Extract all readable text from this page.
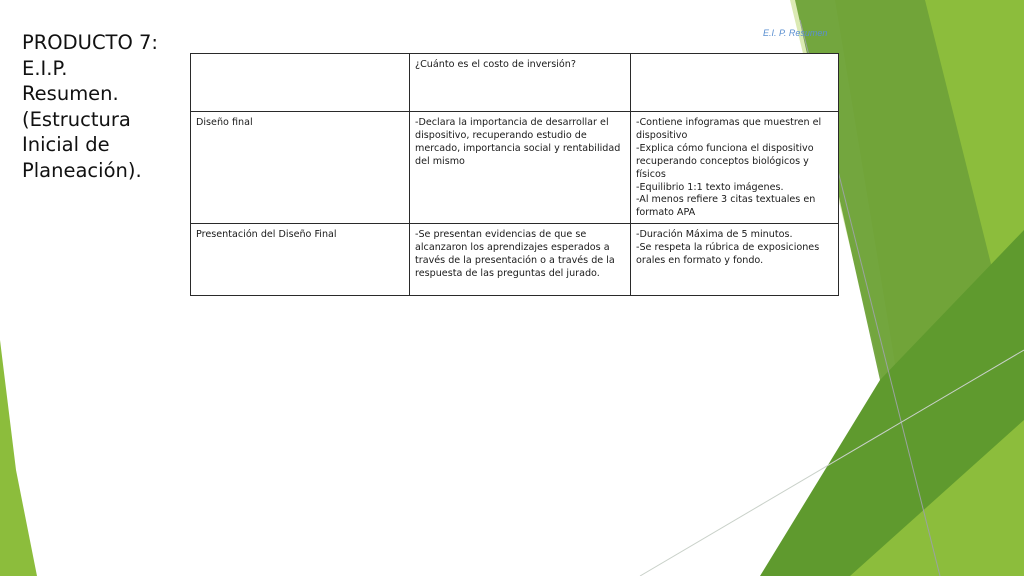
PRODUCTO 7:
E.I.P.
Resumen.
(Estructura
Inicial de
Planeación).
E.I. P. Resumen

	¿Cuánto es el costo de inversión?	

Diseño final	-Declara la importancia de desarrollar el dispositivo, recuperando estudio de mercado, importancia social y rentabilidad del mismo	-Contiene infogramas que muestren el dispositivo
-Explica cómo funciona el dispositivo recuperando conceptos biológicos y físicos
-Equilibrio 1:1 texto imágenes.
-Al menos refiere 3 citas textuales en formato APA

Presentación del Diseño Final	-Se presentan evidencias de que se alcanzaron los aprendizajes esperados a través de la presentación o a través de la respuesta de las preguntas del jurado.	-Duración Máxima de 5 minutos.
-Se respeta la rúbrica de exposiciones orales en formato y fondo.
